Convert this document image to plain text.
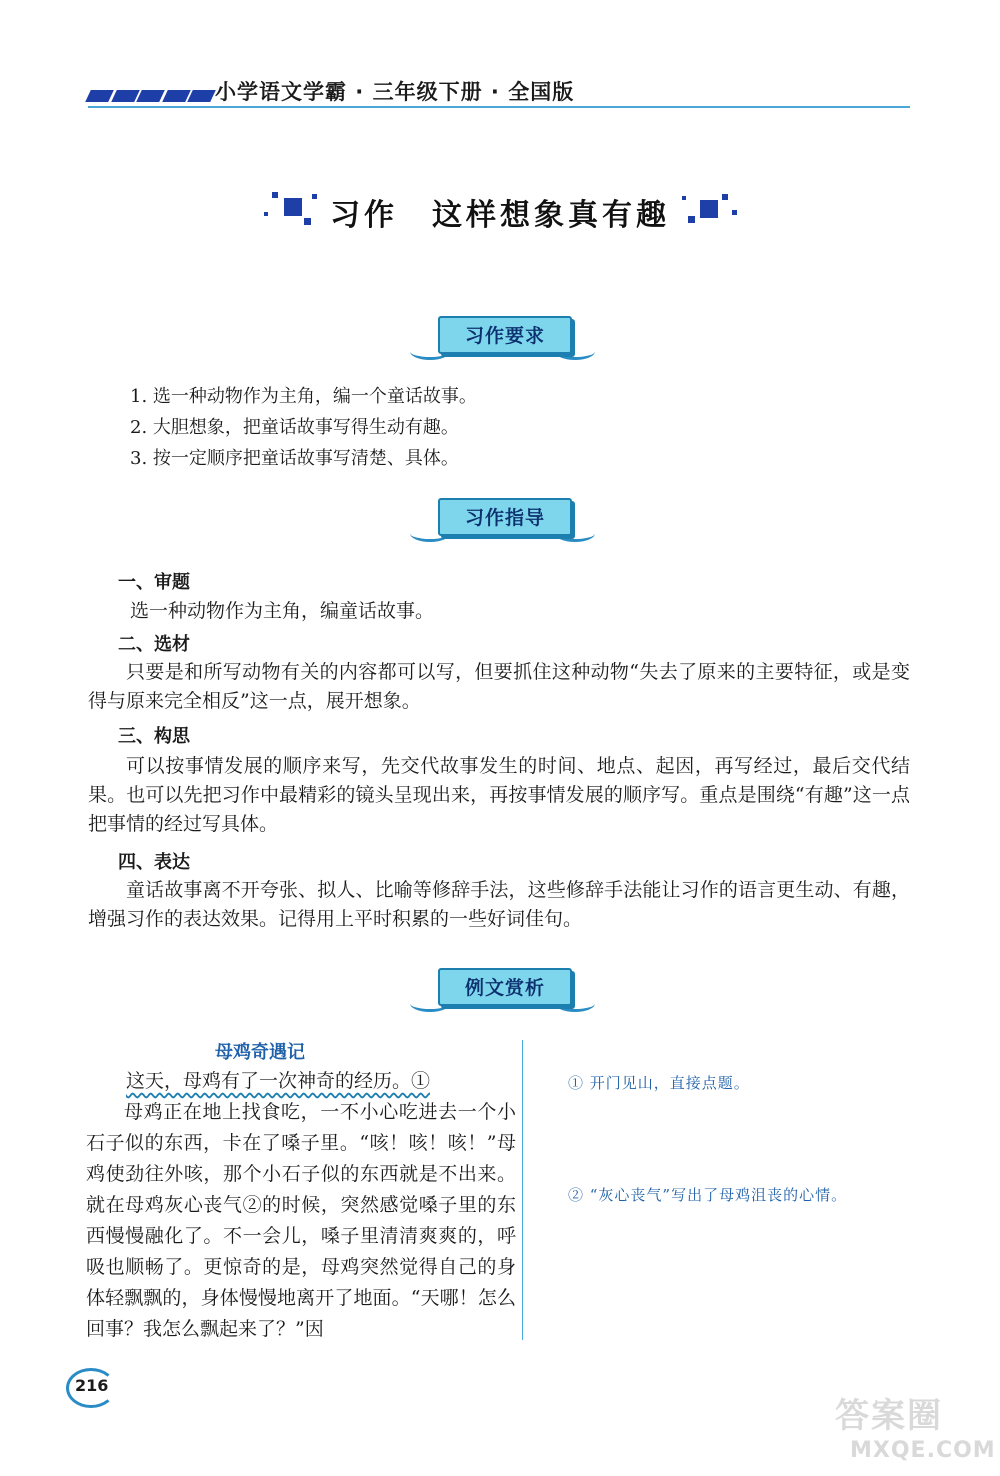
小学语文学霸 · 三年级下册 · 全国版
习作　这样想象真有趣
习作要求
1. 选一种动物作为主角，编一个童话故事。
2. 大胆想象，把童话故事写得生动有趣。
3. 按一定顺序把童话故事写清楚、具体。
习作指导
一、审题
选一种动物作为主角，编童话故事。
二、选材
只要是和所写动物有关的内容都可以写，但要抓住这种动物“失去了原来的主要特征，或是变得与原来完全相反”这一点，展开想象。
三、构思
可以按事情发展的顺序来写，先交代故事发生的时间、地点、起因，再写经过，最后交代结果。也可以先把习作中最精彩的镜头呈现出来，再按事情发展的顺序写。重点是围绕“有趣”这一点把事情的经过写具体。
四、表达
童话故事离不开夸张、拟人、比喻等修辞手法，这些修辞手法能让习作的语言更生动、有趣，增强习作的表达效果。记得用上平时积累的一些好词佳句。
例文赏析
母鸡奇遇记

这天，母鸡有了一次神奇的经历。①

母鸡正在地上找食吃，一不小心吃进去一个小石子似的东西，卡在了嗓子里。“咳！咳！咳！”母鸡使劲往外咳，那个小石子似的东西就是不出来。就在母鸡灰心丧气②的时候，突然感觉嗓子里的东西慢慢融化了。不一会儿，嗓子里清清爽爽的，呼吸也顺畅了。更惊奇的是，母鸡突然觉得自己的身体轻飘飘的，身体慢慢地离开了地面。“天哪！怎么回事？我怎么飘起来了？”因

① 开门见山，直接点题。
② “灰心丧气”写出了母鸡沮丧的心情。
216
答案圈
MXQE.COM
